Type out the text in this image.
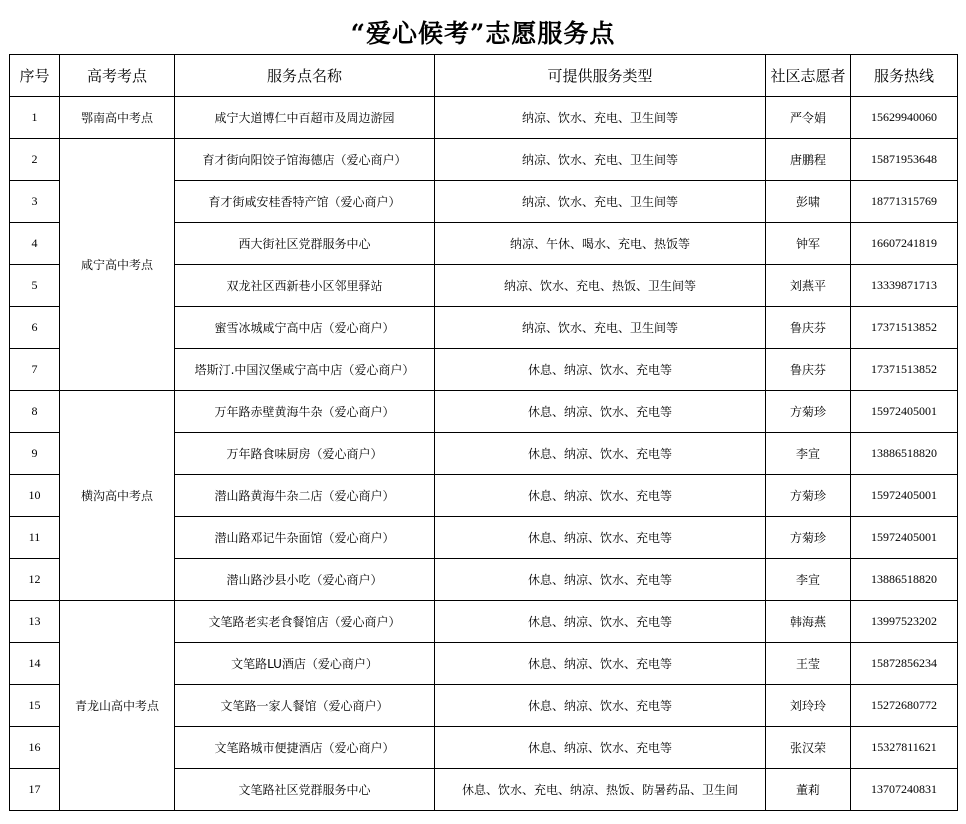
“爱心候考”志愿服务点
序号	高考考点	服务点名称	可提供服务类型	社区志愿者	服务热线
1	鄂南高中考点	咸宁大道博仁中百超市及周边游园	纳凉、饮水、充电、卫生间等	严令娟	15629940060
2	咸宁高中考点	育才街向阳饺子馆海德店（爱心商户）	纳凉、饮水、充电、卫生间等	唐鹏程	15871953648
3		育才街咸安桂香特产馆（爱心商户）	纳凉、饮水、充电、卫生间等	彭啸	18771315769
4		西大街社区党群服务中心	纳凉、午休、喝水、充电、热饭等	钟军	16607241819
5		双龙社区西新巷小区邻里驿站	纳凉、饮水、充电、热饭、卫生间等	刘燕平	13339871713
6		蜜雪冰城咸宁高中店（爱心商户）	纳凉、饮水、充电、卫生间等	鲁庆芬	17371513852
7		塔斯汀.中国汉堡咸宁高中店（爱心商户）	休息、纳凉、饮水、充电等	鲁庆芬	17371513852
8	横沟高中考点	万年路赤壁黄海牛杂（爱心商户）	休息、纳凉、饮水、充电等	方菊珍	15972405001
9		万年路食味厨房（爱心商户）	休息、纳凉、饮水、充电等	李宣	13886518820
10		潜山路黄海牛杂二店（爱心商户）	休息、纳凉、饮水、充电等	方菊珍	15972405001
11		潜山路邓记牛杂面馆（爱心商户）	休息、纳凉、饮水、充电等	方菊珍	15972405001
12		潜山路沙县小吃（爱心商户）	休息、纳凉、饮水、充电等	李宣	13886518820
13	青龙山高中考点	文笔路老实老食餐馆店（爱心商户）	休息、纳凉、饮水、充电等	韩海燕	13997523202
14		文笔路LU酒店（爱心商户）	休息、纳凉、饮水、充电等	王莹	15872856234
15		文笔路一家人餐馆（爱心商户）	休息、纳凉、饮水、充电等	刘玲玲	15272680772
16		文笔路城市便捷酒店（爱心商户）	休息、纳凉、饮水、充电等	张汉荣	15327811621
17		文笔路社区党群服务中心	休息、饮水、充电、纳凉、热饭、防暑药品、卫生间	董莉	13707240831
